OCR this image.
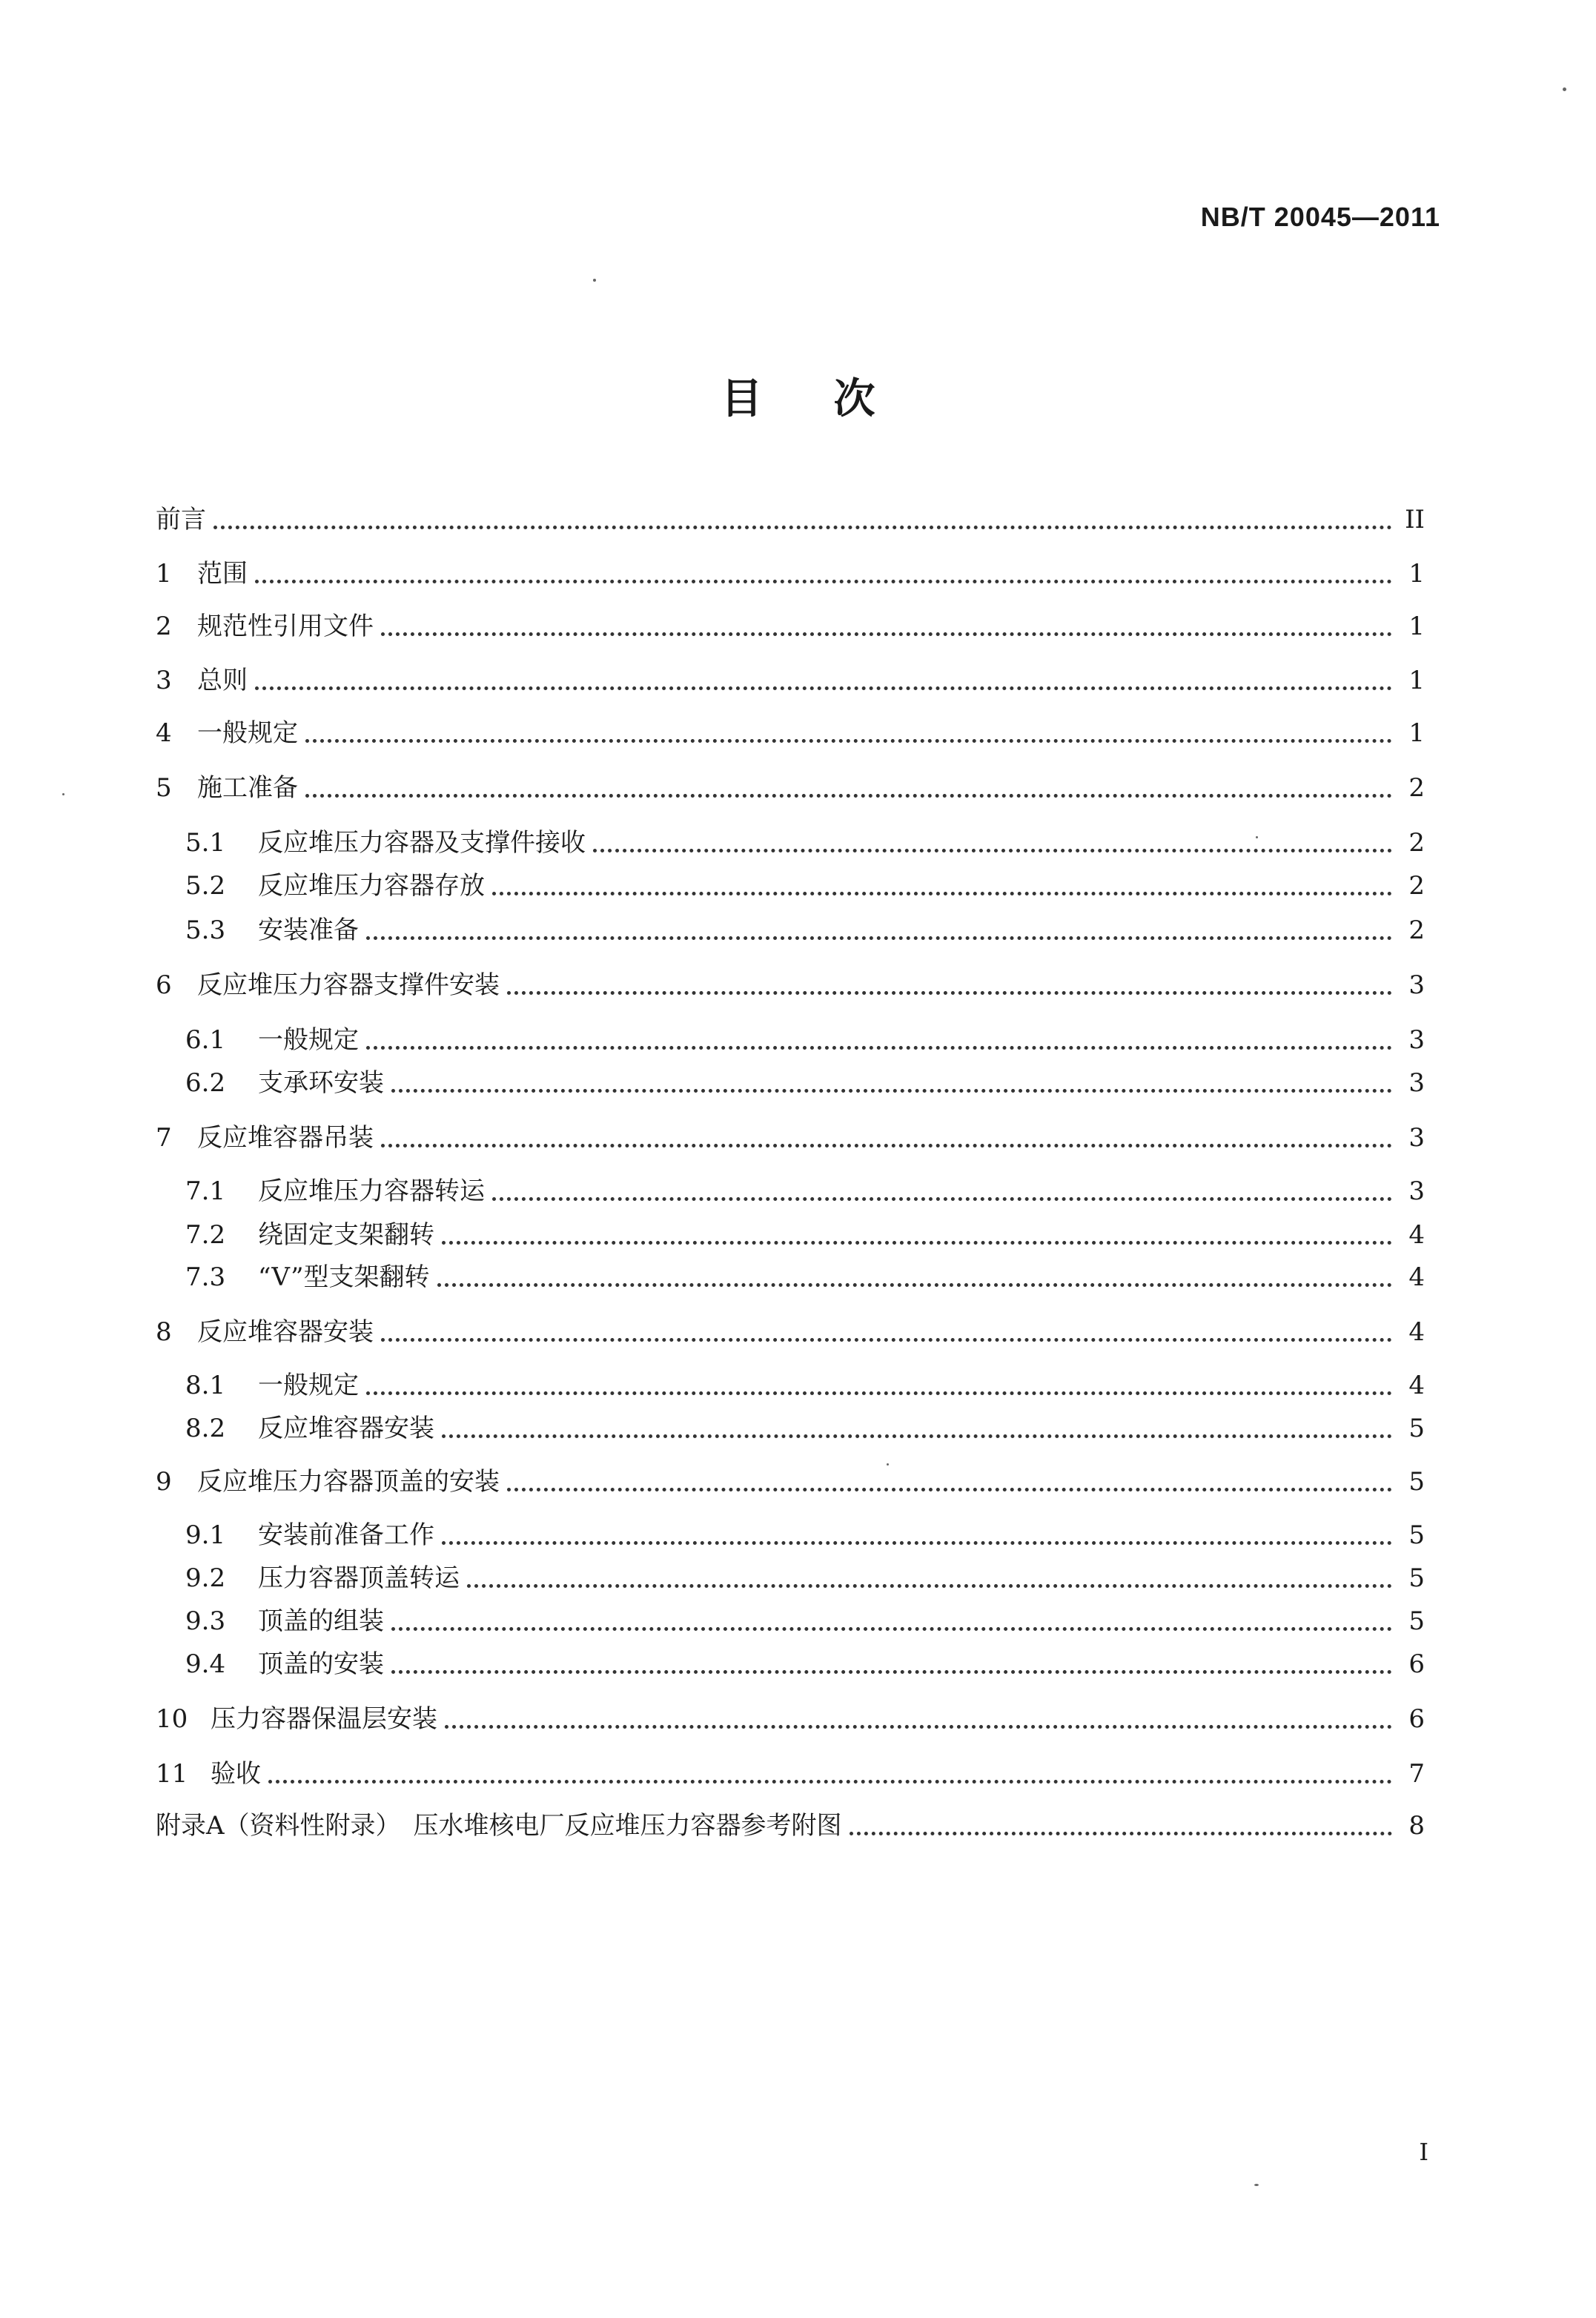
NB/T 20045—2011
目次
前言	II
1	范围	1
2	规范性引用文件	1
3	总则	1
4	一般规定	1
5	施工准备	2
5.1	反应堆压力容器及支撑件接收	2
5.2	反应堆压力容器存放	2
5.3	安装准备	2
6	反应堆压力容器支撑件安装	3
6.1	一般规定	3
6.2	支承环安装	3
7	反应堆容器吊装	3
7.1	反应堆压力容器转运	3
7.2	绕固定支架翻转	4
7.3	“V”型支架翻转	4
8	反应堆容器安装	4
8.1	一般规定	4
8.2	反应堆容器安装	5
9	反应堆压力容器顶盖的安装	5
9.1	安装前准备工作	5
9.2	压力容器顶盖转运	5
9.3	顶盖的组装	5
9.4	顶盖的安装	6
10 压力容器保温层安装	6
11 验收	7
附录A（资料性附录）　压水堆核电厂反应堆压力容器参考附图	8
I
